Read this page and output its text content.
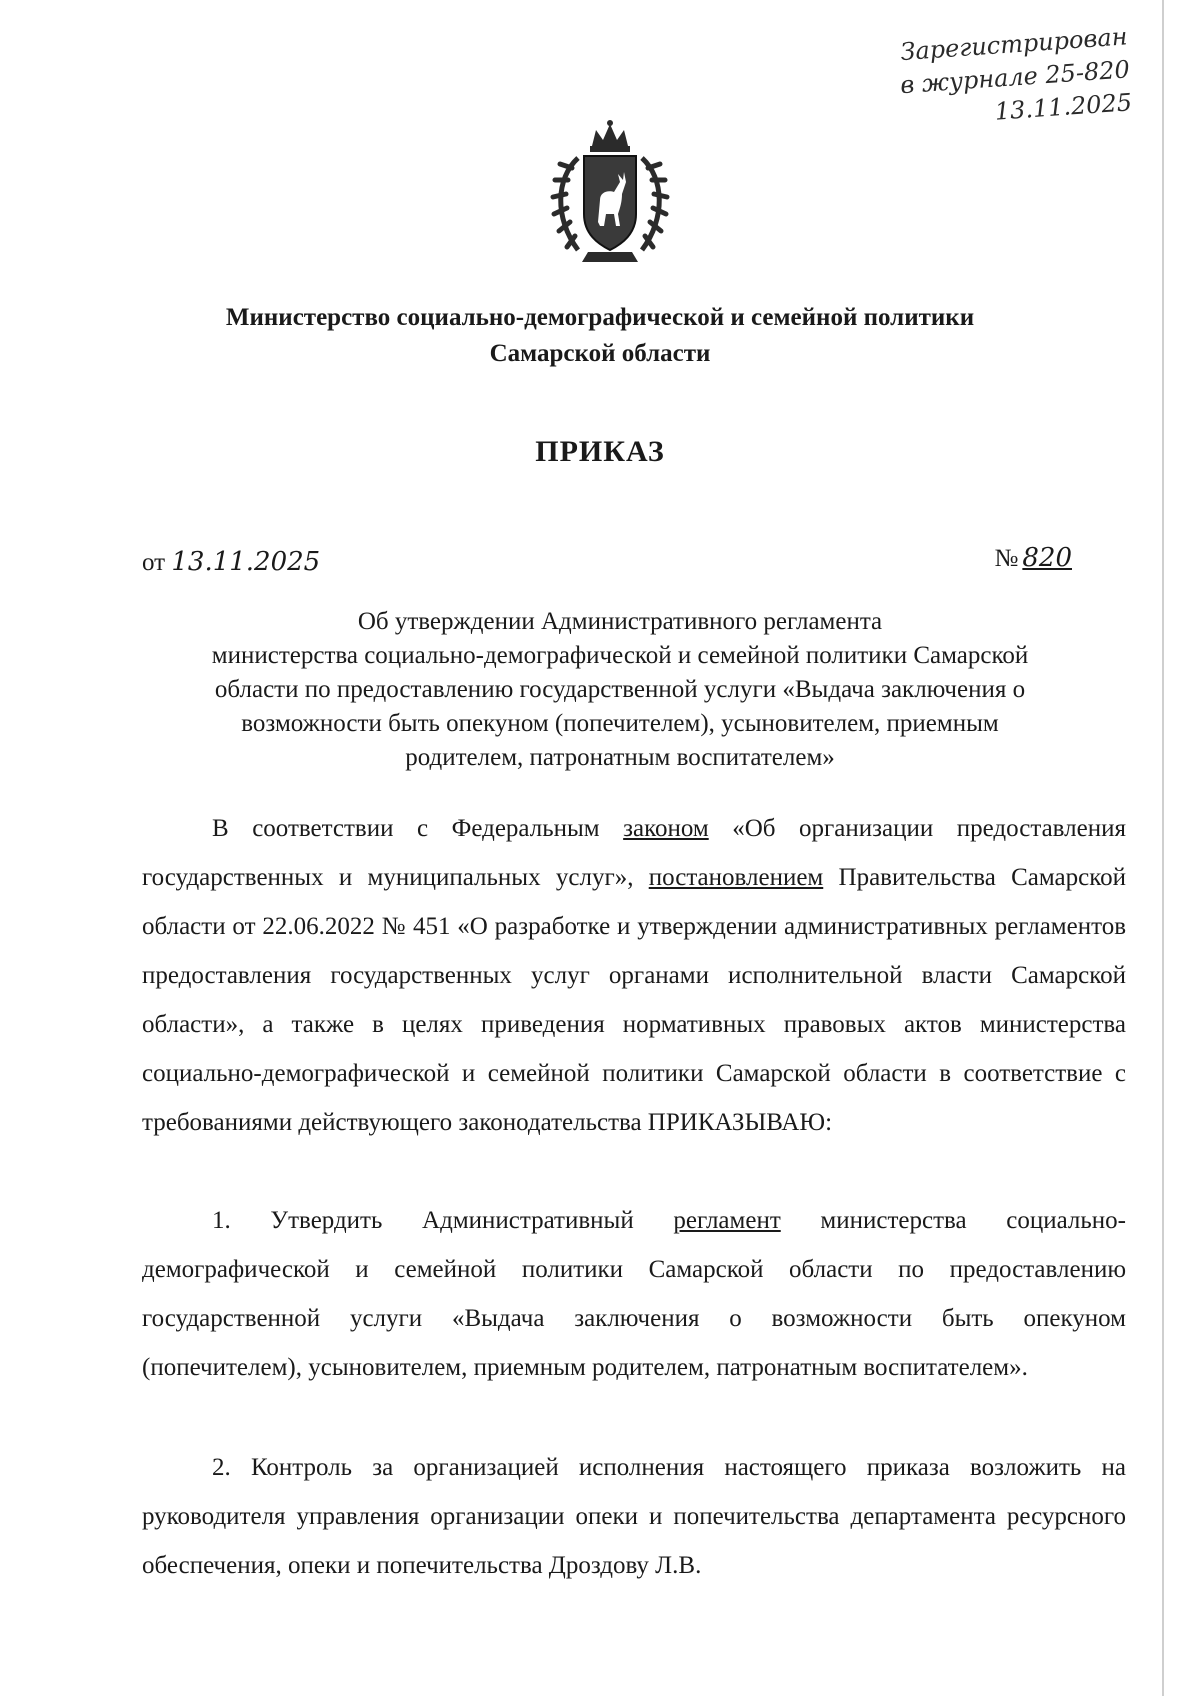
Зарегистрирован
в журнале 25-820
13.11.2025
Министерство социально-демографической и семейной политики
Самарской области
ПРИКАЗ
от 13.11.2025	№ 820
Об утверждении Административного регламента
министерства социально-демографической и семейной политики Самарской
области по предоставлению государственной услуги «Выдача заключения о
возможности быть опекуном (попечителем), усыновителем, приемным
родителем, патронатным воспитателем»

В соответствии с Федеральным законом «Об организации предоставления государственных и муниципальных услуг», постановлением Правительства Самарской области от 22.06.2022 № 451 «О разработке и утверждении административных регламентов предоставления государственных услуг органами исполнительной власти Самарской области», а также в целях приведения нормативных правовых актов министерства социально-демографической и семейной политики Самарской области в соответствие с требованиями действующего законодательства ПРИКАЗЫВАЮ:

1. Утвердить Административный регламент министерства социально-демографической и семейной политики Самарской области по предоставлению государственной услуги «Выдача заключения о возможности быть опекуном (попечителем), усыновителем, приемным родителем, патронатным воспитателем».

2. Контроль за организацией исполнения настоящего приказа возложить на руководителя управления организации опеки и попечительства департамента ресурсного обеспечения, опеки и попечительства Дроздову Л.В.
